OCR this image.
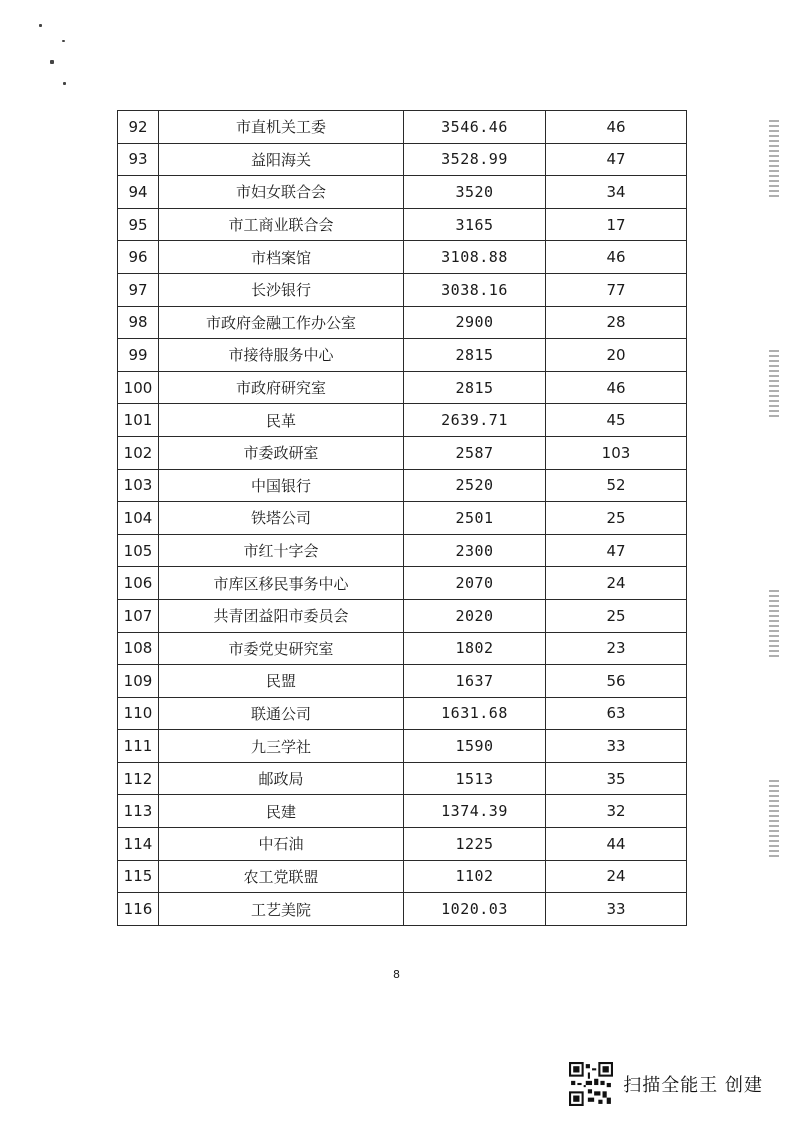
92	市直机关工委	3546.46	46
93	益阳海关	3528.99	47
94	市妇女联合会	3520	34
95	市工商业联合会	3165	17
96	市档案馆	3108.88	46
97	长沙银行	3038.16	77
98	市政府金融工作办公室	2900	28
99	市接待服务中心	2815	20
100	市政府研究室	2815	46
101	民革	2639.71	45
102	市委政研室	2587	103
103	中国银行	2520	52
104	铁塔公司	2501	25
105	市红十字会	2300	47
106	市库区移民事务中心	2070	24
107	共青团益阳市委员会	2020	25
108	市委党史研究室	1802	23
109	民盟	1637	56
110	联通公司	1631.68	63
111	九三学社	1590	33
112	邮政局	1513	35
113	民建	1374.39	32
114	中石油	1225	44
115	农工党联盟	1102	24
116	工艺美院	1020.03	33
8
扫描全能王 创建
